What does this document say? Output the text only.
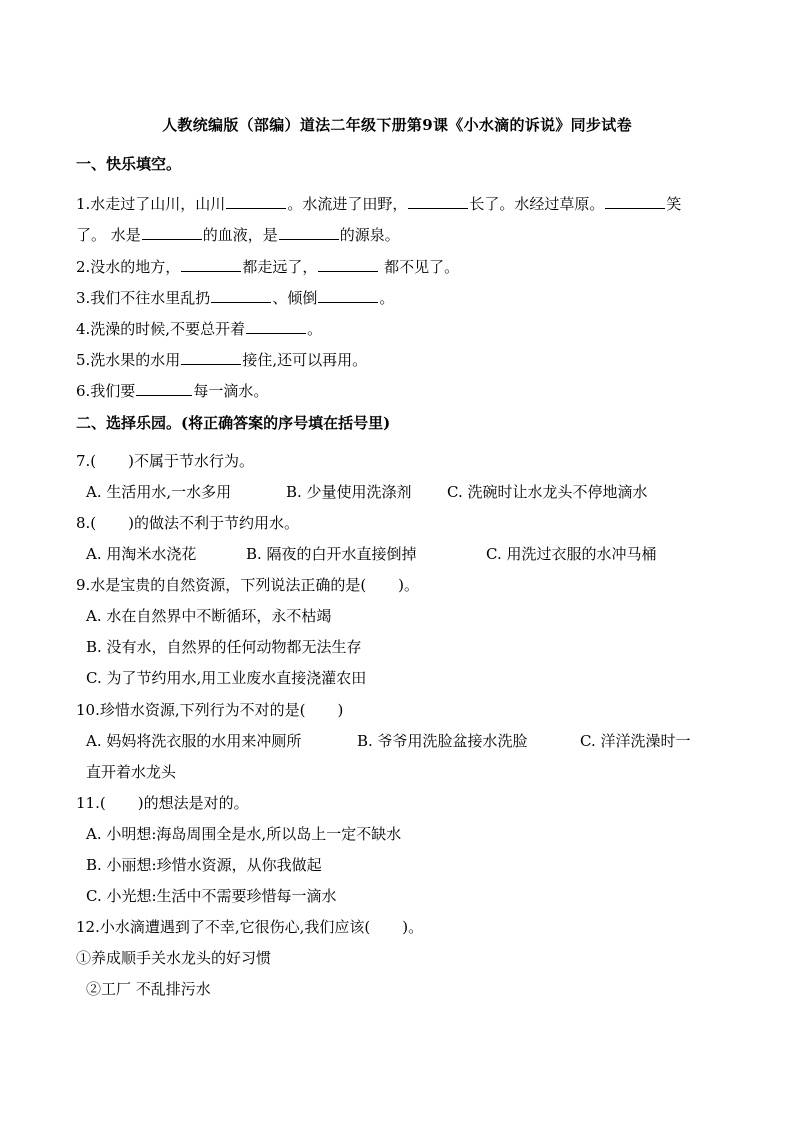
人教统编版（部编）道法二年级下册第9课《小水滴的诉说》同步试卷
一、快乐填空。
1.水走过了山川，山川	。水流进了田野，	长了。水经过草原。	笑
了。 水是	的血液，是	的源泉。
2.没水的地方，	都走远了，	都不见了。
3.我们不往水里乱扔	、倾倒	。
4.洗澡的时候,不要总开着	。
5.洗水果的水用	接住,还可以再用。
6.我们要	每一滴水。
二、选择乐园。(将正确答案的序号填在括号里)
7.( )不属于节水行为。
A. 生活用水,一水多用	B. 少量使用洗涤剂 C. 洗碗时让水龙头不停地滴水
8.( )的做法不利于节约用水。
A. 用淘米水浇花	B. 隔夜的白开水直接倒掉	C. 用洗过衣服的水冲马桶
9.水是宝贵的自然资源，下列说法正确的是( )。
A. 水在自然界中不断循环，永不枯竭
B. 没有水，自然界的任何动物都无法生存
C. 为了节约用水,用工业废水直接浇灌农田
10.珍惜水资源,下列行为不对的是( )
A. 妈妈将洗衣服的水用来冲厕所	B. 爷爷用洗脸盆接水洗脸	C. 洋洋洗澡时一
直开着水龙头
11.( )的想法是对的。
A. 小明想:海岛周围全是水,所以岛上一定不缺水
B. 小丽想:珍惜水资源，从你我做起
C. 小光想:生活中不需要珍惜每一滴水
12.小水滴遭遇到了不幸,它很伤心,我们应该( )。
①养成顺手关水龙头的好习惯
②工厂 不乱排污水
